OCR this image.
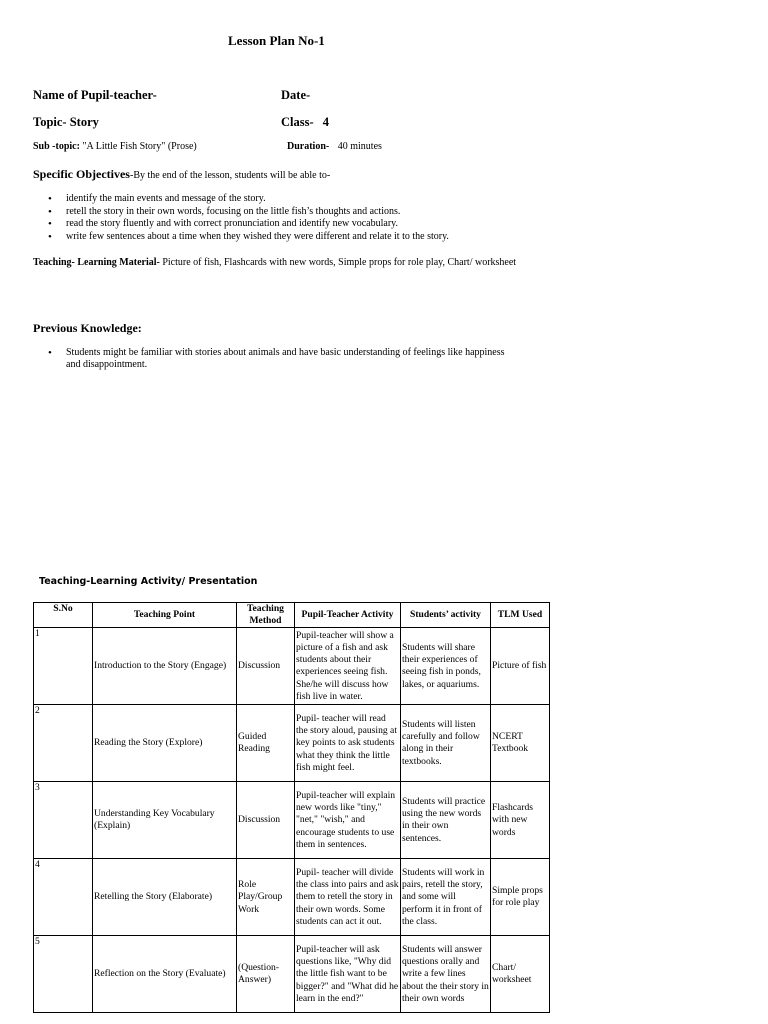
Lesson Plan No-1
Name of Pupil-teacher-	Date-
Topic- Story	Class- 4
Sub -topic: "A Little Fish Story" (Prose)	Duration- 40 minutes
Specific Objectives-By the end of the lesson, students will be able to-
• identify the main events and message of the story.
• retell the story in their own words, focusing on the little fish’s thoughts and actions.
• read the story fluently and with correct pronunciation and identify new vocabulary.
• write few sentences about a time when they wished they were different and relate it to the story.
Teaching- Learning Material- Picture of fish, Flashcards with new words, Simple props for role play, Chart/ worksheet
Previous Knowledge:
• Students might be familiar with stories about animals and have basic understanding of feelings like happiness and disappointment.
Teaching-Learning Activity/ Presentation
S.No	Teaching Point	Teaching Method	Pupil-Teacher Activity	Students’ activity	TLM Used
1	Introduction to the Story (Engage)	Discussion	Pupil-teacher will show a picture of a fish and ask students about their experiences seeing fish. She/he will discuss how fish live in water.	Students will share their experiences of seeing fish in ponds, lakes, or aquariums.	Picture of fish
2	Reading the Story (Explore)	Guided Reading	Pupil- teacher will read the story aloud, pausing at key points to ask students what they think the little fish might feel.	Students will listen carefully and follow along in their textbooks.	NCERT Textbook
3	Understanding Key Vocabulary (Explain)	Discussion	Pupil-teacher will explain new words like "tiny," "net," "wish," and encourage students to use them in sentences.	Students will practice using the new words in their own sentences.	Flashcards with new words
4	Retelling the Story (Elaborate)	Role Play/Group Work	Pupil- teacher will divide the class into pairs and ask them to retell the story in their own words. Some students can act it out.	Students will work in pairs, retell the story, and some will perform it in front of the class.	Simple props for role play
5	Reflection on the Story (Evaluate)	(Question-Answer)	Pupil-teacher will ask questions like, "Why did the little fish want to be bigger?" and "What did he learn in the end?"	Students will answer questions orally and write a few lines about the their story in their own words	Chart/ worksheet
